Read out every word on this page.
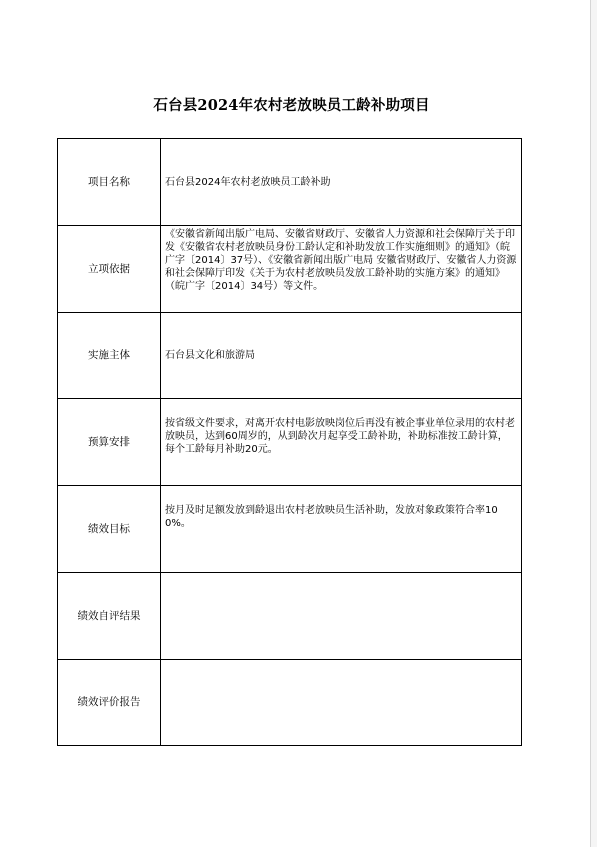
石台县2024年农村老放映员工龄补助项目
项目名称	石台县2024年农村老放映员工龄补助
立项依据	《安徽省新闻出版广电局、安徽省财政厅、安徽省人力资源和社会保障厅关于印发《安徽省农村老放映员身份工龄认定和补助发放工作实施细则》的通知》（皖广字〔2014〕37号）、《安徽省新闻出版广电局 安徽省财政厅、安徽省人力资源和社会保障厅印发《关于为农村老放映员发放工龄补助的实施方案》的通知》（皖广字〔2014〕34号）等文件。
实施主体	石台县文化和旅游局
预算安排	按省级文件要求，对离开农村电影放映岗位后再没有被企事业单位录用的农村老放映员，达到60周岁的，从到龄次月起享受工龄补助，补助标准按工龄计算，每个工龄每月补助20元。
绩效目标	按月及时足额发放到龄退出农村老放映员生活补助，发放对象政策符合率100%。
绩效自评结果	
绩效评价报告	
